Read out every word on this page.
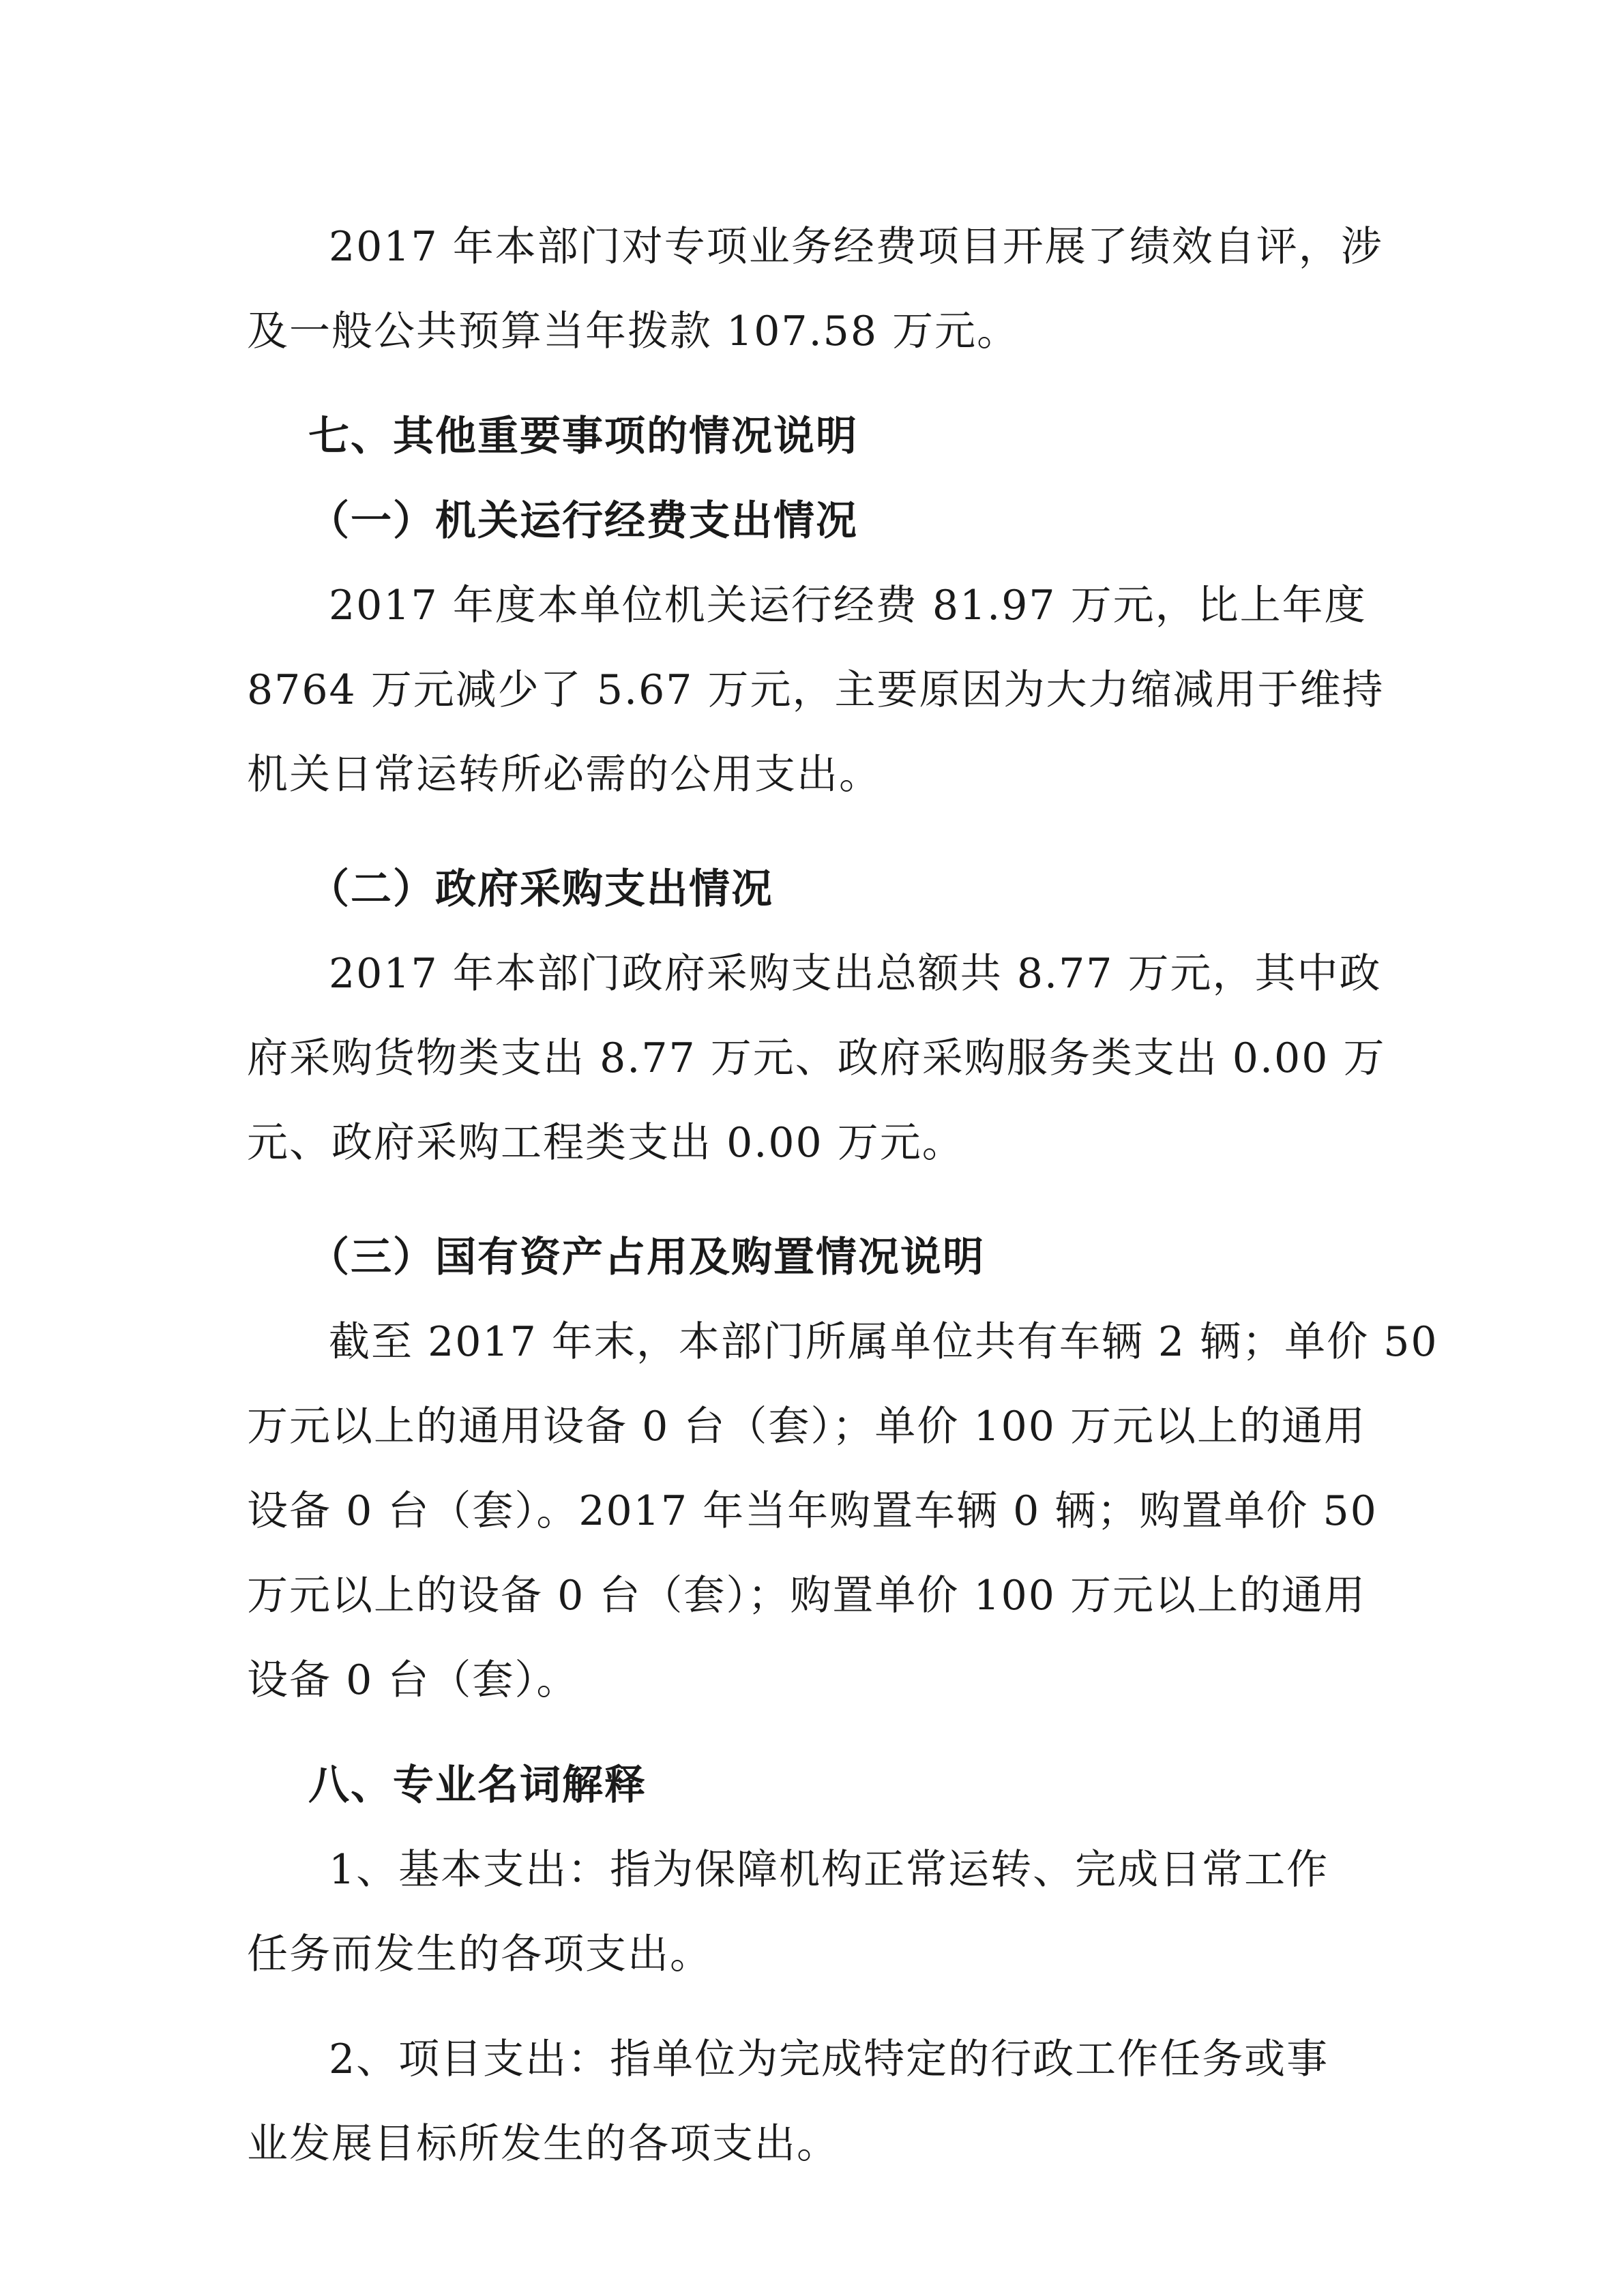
2017 年本部门对专项业务经费项目开展了绩效自评，涉
及一般公共预算当年拨款 107.58 万元。
七、其他重要事项的情况说明
（一）机关运行经费支出情况
2017 年度本单位机关运行经费 81.97 万元，比上年度
8764 万元减少了 5.67 万元，主要原因为大力缩减用于维持
机关日常运转所必需的公用支出。
（二）政府采购支出情况
2017 年本部门政府采购支出总额共 8.77 万元，其中政
府采购货物类支出 8.77 万元、政府采购服务类支出 0.00 万
元、政府采购工程类支出 0.00 万元。
（三）国有资产占用及购置情况说明
截至 2017 年末，本部门所属单位共有车辆 2 辆；单价 50
万元以上的通用设备 0 台（套）；单价 100 万元以上的通用
设备 0 台（套）。2017 年当年购置车辆 0 辆；购置单价 50
万元以上的设备 0 台（套）；购置单价 100 万元以上的通用
设备 0 台（套）。
八、专业名词解释
1、基本支出：指为保障机构正常运转、完成日常工作
任务而发生的各项支出。
2、项目支出：指单位为完成特定的行政工作任务或事
业发展目标所发生的各项支出。
